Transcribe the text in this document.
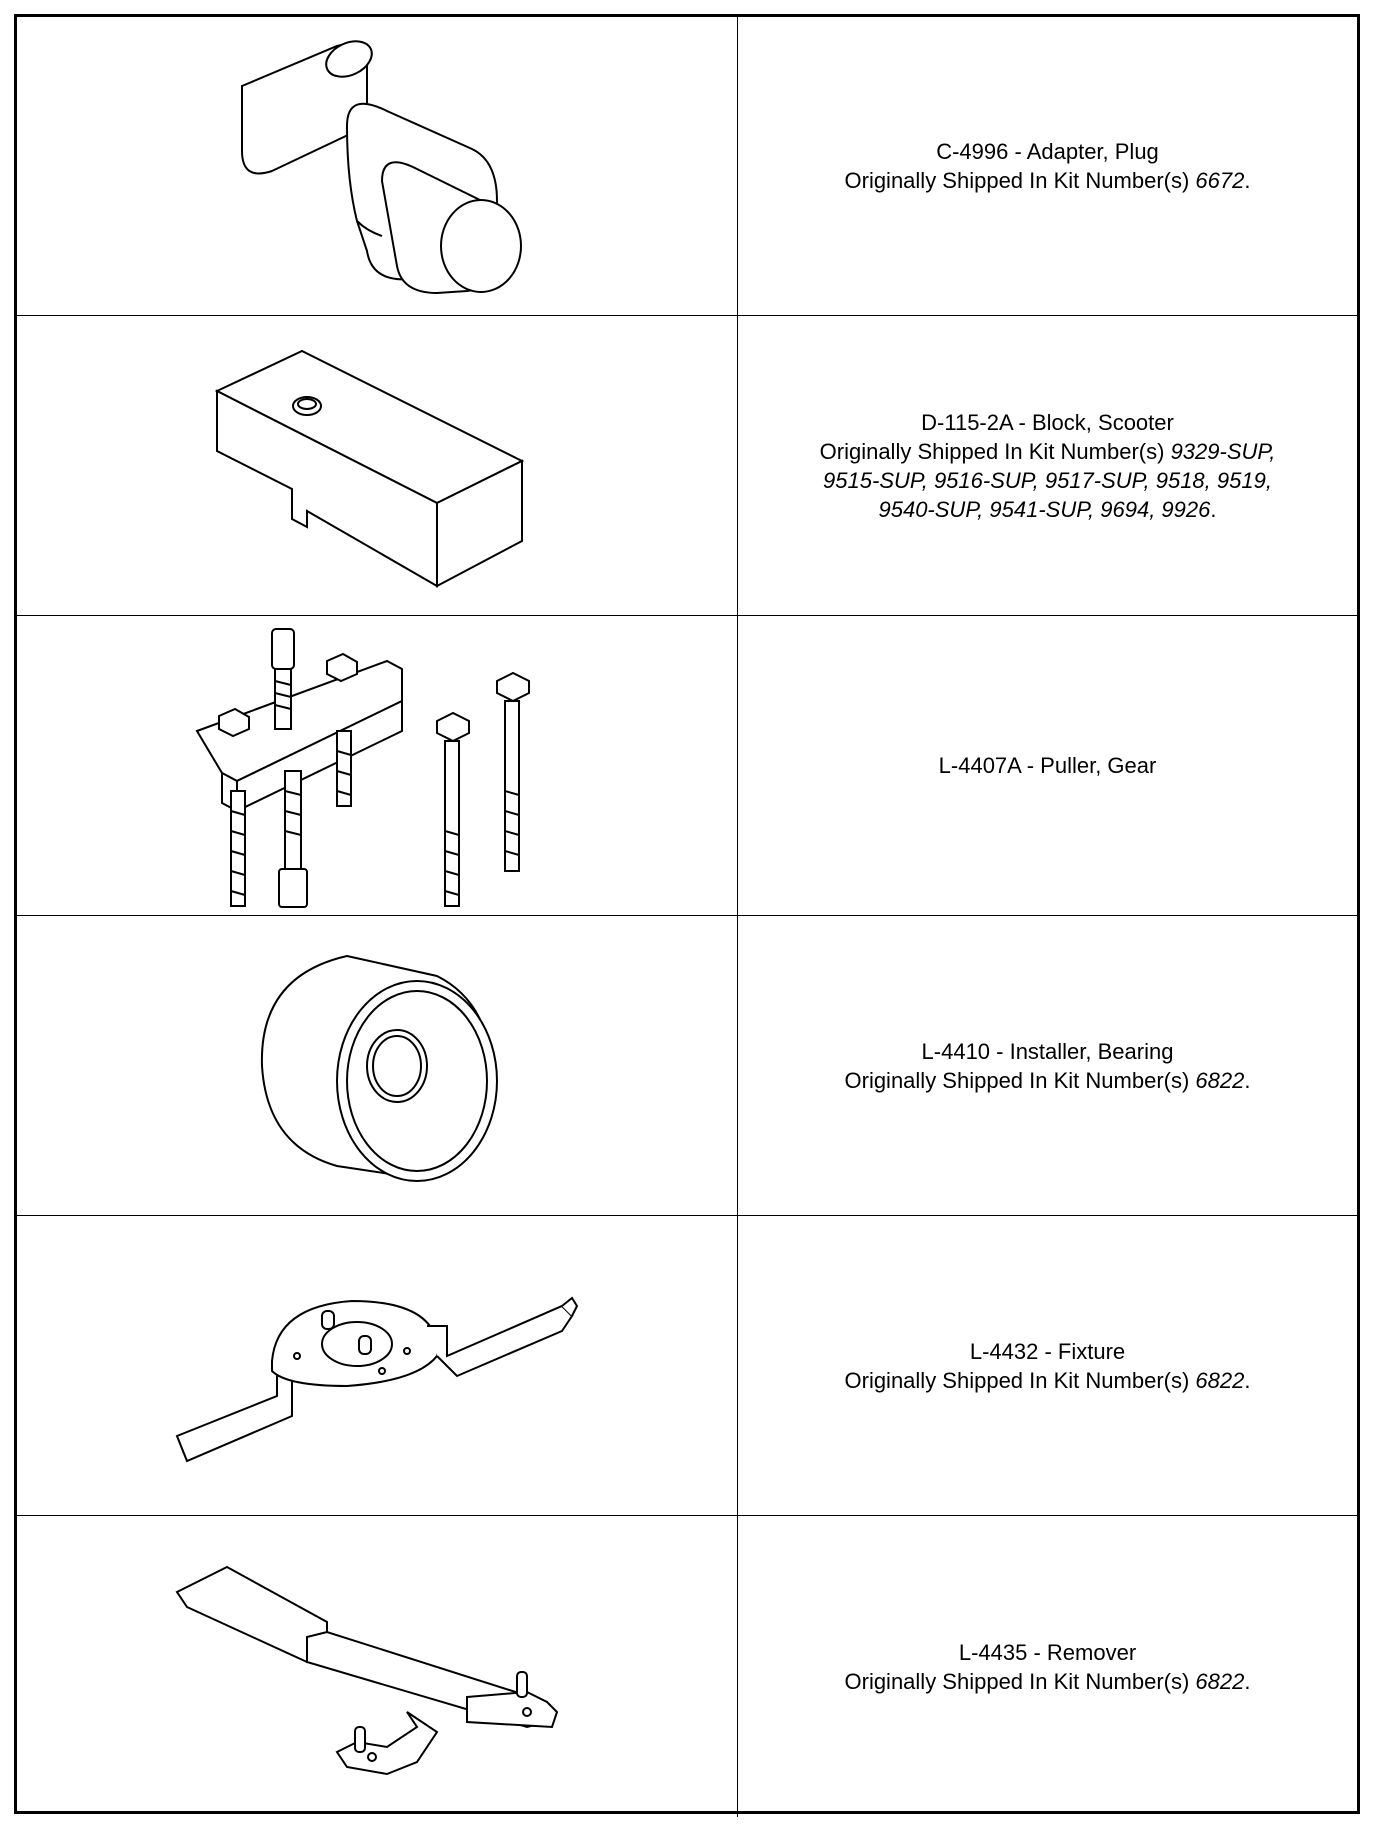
C-4996 - Adapter, Plug
Originally Shipped In Kit Number(s) 6672.
D-115-2A - Block, Scooter
Originally Shipped In Kit Number(s) 9329-SUP,
9515-SUP, 9516-SUP, 9517-SUP, 9518, 9519,
9540-SUP, 9541-SUP, 9694, 9926.
L-4407A - Puller, Gear
L-4410 - Installer, Bearing
Originally Shipped In Kit Number(s) 6822.
L-4432 - Fixture
Originally Shipped In Kit Number(s) 6822.
L-4435 - Remover
Originally Shipped In Kit Number(s) 6822.
